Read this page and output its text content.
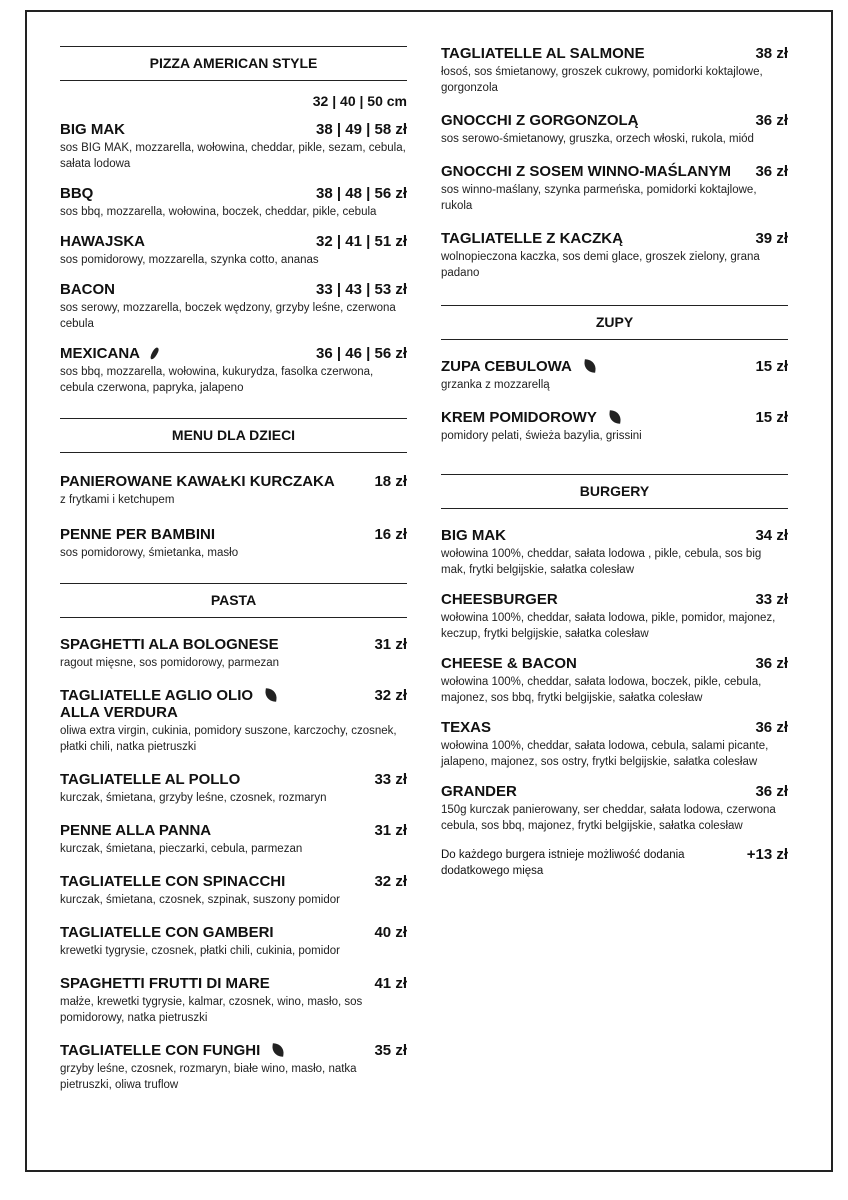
PIZZA AMERICAN STYLE
32 | 40 | 50 cm
BIG MAK	38 | 49 | 58 zł
sos BIG MAK, mozzarella, wołowina, cheddar, pikle, sezam, cebula, sałata lodowa
BBQ	38 | 48 | 56 zł
sos bbq, mozzarella, wołowina, boczek, cheddar, pikle, cebula
HAWAJSKA	32 | 41 | 51 zł
sos pomidorowy, mozzarella, szynka cotto, ananas
BACON	33 | 43 | 53 zł
sos serowy, mozzarella, boczek wędzony, grzyby leśne, czerwona cebula
MEXICANA	36 | 46 | 56 zł
sos bbq, mozzarella, wołowina, kukurydza, fasolka czerwona, cebula czerwona, papryka, jalapeno
MENU DLA DZIECI
PANIEROWANE KAWAŁKI KURCZAKA	18 zł
z frytkami i ketchupem
PENNE PER BAMBINI	16 zł
sos pomidorowy, śmietanka, masło
PASTA
SPAGHETTI ALA BOLOGNESE	31 zł
ragout mięsne, sos pomidorowy, parmezan
TAGLIATELLE AGLIO OLIO
ALLA VERDURA
32 zł
oliwa extra virgin, cukinia, pomidory suszone, karczochy, czosnek, płatki chili, natka pietruszki
TAGLIATELLE AL POLLO	33 zł
kurczak, śmietana, grzyby leśne, czosnek, rozmaryn
PENNE ALLA PANNA	31 zł
kurczak, śmietana, pieczarki, cebula, parmezan
TAGLIATELLE CON SPINACCHI	32 zł
kurczak, śmietana, czosnek, szpinak, suszony pomidor
TAGLIATELLE CON GAMBERI	40 zł
krewetki tygrysie, czosnek, płatki chili, cukinia, pomidor
SPAGHETTI FRUTTI DI MARE	41 zł
małże, krewetki tygrysie, kalmar, czosnek, wino, masło, sos pomidorowy, natka pietruszki
TAGLIATELLE CON FUNGHI	35 zł
grzyby leśne, czosnek, rozmaryn, białe wino, masło, natka pietruszki, oliwa truflow
TAGLIATELLE AL SALMONE	38 zł
łosoś, sos śmietanowy, groszek cukrowy, pomidorki koktajlowe, gorgonzola
GNOCCHI Z GORGONZOLĄ	36 zł
sos serowo-śmietanowy, gruszka, orzech włoski, rukola, miód
GNOCCHI Z SOSEM WINNO-MAŚLANYM 36 zł
sos winno-maślany, szynka parmeńska, pomidorki koktajlowe, rukola
TAGLIATELLE Z KACZKĄ	39 zł
wolnopieczona kaczka, sos demi glace, groszek zielony, grana padano
ZUPY
ZUPA CEBULOWA	15 zł
grzanka z mozzarellą
KREM POMIDOROWY	15 zł
pomidory pelati, świeża bazylia, grissini
BURGERY
BIG MAK	34 zł
wołowina 100%, cheddar, sałata lodowa , pikle, cebula, sos big mak, frytki belgijskie, sałatka colesław
CHEESBURGER	33 zł
wołowina 100%, cheddar, sałata lodowa, pikle, pomidor, majonez, keczup, frytki belgijskie, sałatka colesław
CHEESE & BACON	36 zł
wołowina 100%, cheddar, sałata lodowa, boczek, pikle, cebula, majonez, sos bbq, frytki belgijskie, sałatka colesław
TEXAS	36 zł
wołowina 100%, cheddar, sałata lodowa, cebula, salami picante, jalapeno, majonez, sos ostry, frytki belgijskie, sałatka colesław
GRANDER	36 zł
150g kurczak panierowany, ser cheddar, sałata lodowa, czerwona cebula, sos bbq, majonez, frytki belgijskie, sałatka colesław
Do każdego burgera istnieje możliwość dodania dodatkowego mięsa
+13 zł
